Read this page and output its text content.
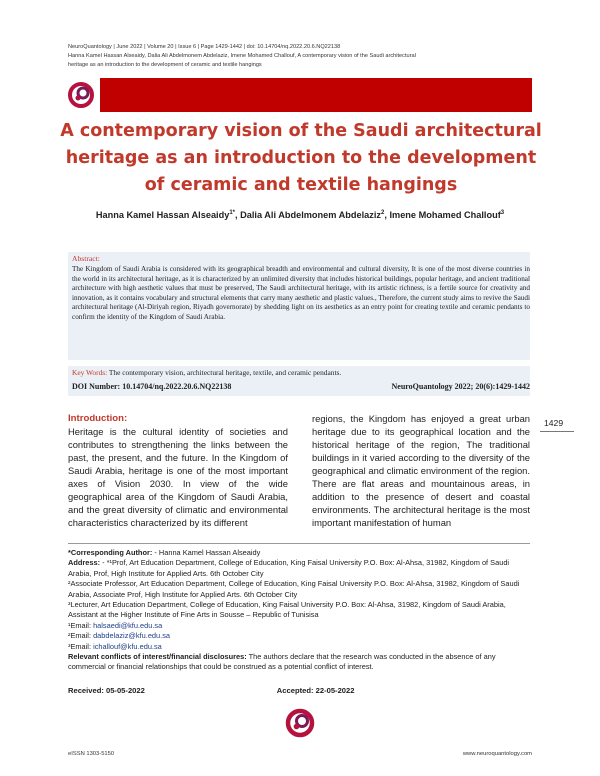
NeuroQuantology | June 2022 | Volume 20 | Issue 6 | Page 1429-1442 | doi: 10.14704/nq.2022.20.6.NQ22138
Hanna Kamel Hassan Alseaidy, Dalia Ali Abdelmonem Abdelaziz, Imene Mohamed Challouf, A contemporary vision of the Saudi architectural
heritage as an introduction to the development of ceramic and textile hangings
A contemporary vision of the Saudi architectural heritage as an introduction to the development of ceramic and textile hangings
Hanna Kamel Hassan Alseaidy$^{1*}$, Dalia Ali Abdelmonem Abdelaziz$^2$, Imene Mohamed Challouf$^3$
Abstract:
The Kingdom of Saudi Arabia is considered with its geographical breadth and environmental and cultural diversity, It is one of the most diverse countries in the world in its architectural heritage, as it is characterized by an unlimited diversity that includes historical buildings, popular heritage, and ancient traditional architecture with high aesthetic values that must be preserved, The Saudi architectural heritage, with its artistic richness, is a fertile source for creativity and innovation, as it contains vocabulary and structural elements that carry many aesthetic and plastic values., Therefore, the current study aims to revive the Saudi architectural heritage (Al-Diriyah region, Riyadh governorate) by shedding light on its aesthetics as an entry point for creating textile and ceramic pendants to confirm the identity of the Kingdom of Saudi Arabia.
Key Words: The contemporary vision, architectural heritage, textile, and ceramic pendants.
DOI Number: 10.14704/nq.2022.20.6.NQ22138	NeuroQuantology 2022; 20(6):1429-1442
Introduction:
Heritage is the cultural identity of societies and contributes to strengthening the links between the past, the present, and the future. In the Kingdom of Saudi Arabia, heritage is one of the most important axes of Vision 2030. In view of the wide geographical area of the Kingdom of Saudi Arabia, and the great diversity of climatic and environmental characteristics characterized by its different
regions, the Kingdom has enjoyed a great urban heritage due to its geographical location and the historical heritage of the region, The traditional buildings in it varied according to the diversity of the geographical and climatic environment of the region. There are flat areas and mountainous areas, in addition to the presence of desert and coastal environments. The architectural heritage is the most important manifestation of human
1429
*Corresponding Author: - Hanna Kamel Hassan Alseaidy
Address: - *¹Prof, Art Education Department, College of Education, King Faisal University P.O. Box: Al-Ahsa, 31982, Kingdom of Saudi Arabia, Prof, High Institute for Applied Arts. 6th October City
²Associate Professor, Art Education Department, College of Education, King Faisal University P.O. Box: Al-Ahsa, 31982, Kingdom of Saudi Arabia, Associate Prof, High Institute for Applied Arts. 6th October City
³Lecturer, Art Education Department, College of Education, King Faisal University P.O. Box: Al-Ahsa, 31982, Kingdom of Saudi Arabia, Assistant at the Higher Institute of Fine Arts in Sousse – Republic of Tunisisa
¹Email: halsaedi@kfu.edu.sa
²Email: dabdelaziz@kfu.edu.sa
³Email: ichallouf@kfu.edu.sa
Relevant conflicts of interest/financial disclosures: The authors declare that the research was conducted in the absence of any commercial or financial relationships that could be construed as a potential conflict of interest.
Received: 05-05-2022	Accepted: 22-05-2022
eISSN 1303-5150	www.neuroquantology.com
